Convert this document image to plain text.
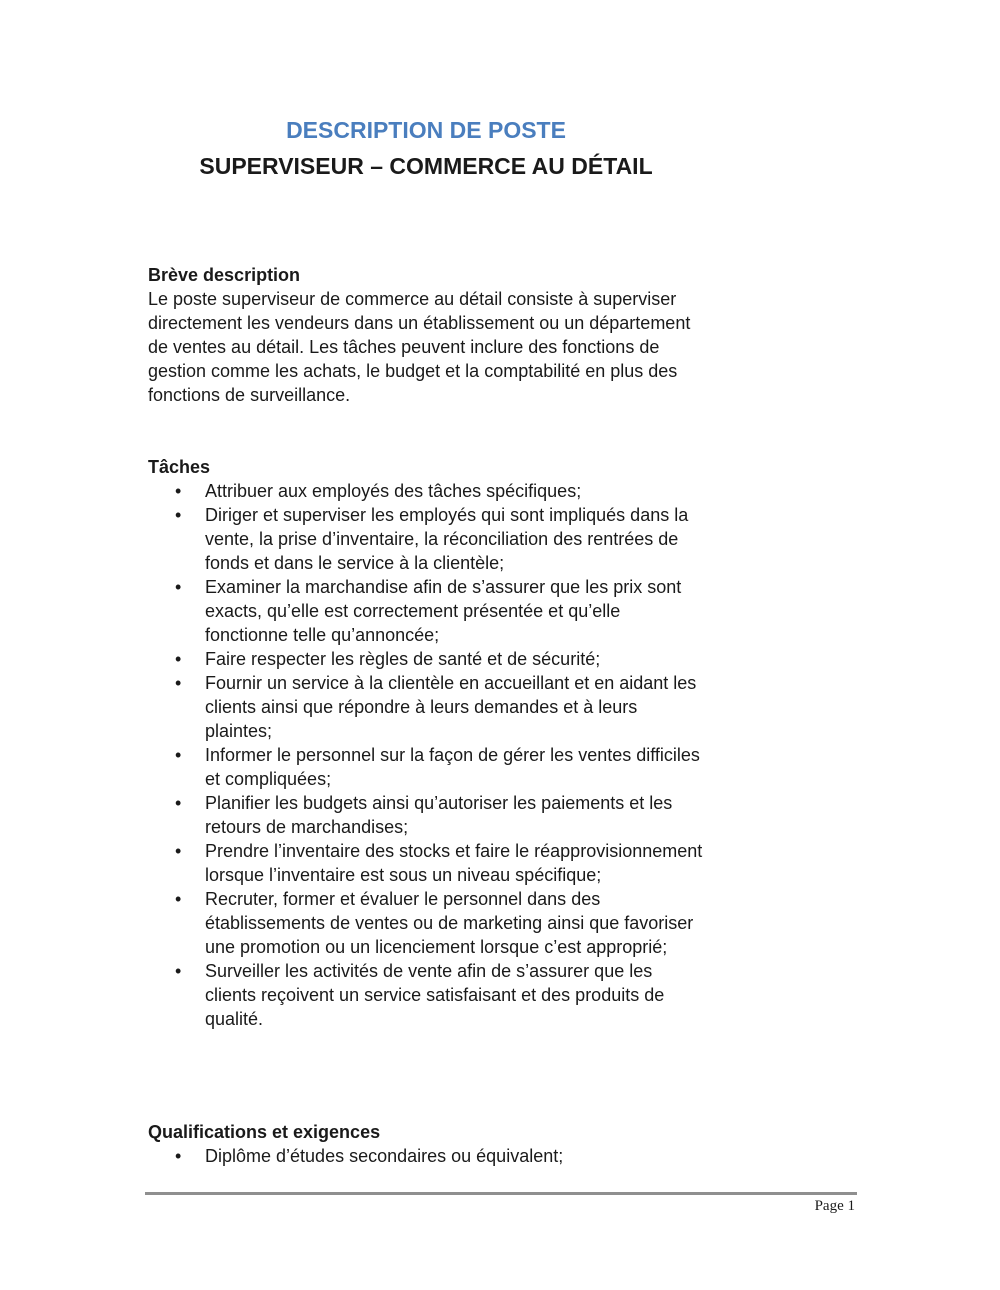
DESCRIPTION DE POSTE
SUPERVISEUR – COMMERCE AU DÉTAIL
Brève description

Le poste superviseur de commerce au détail consiste à superviser directement les vendeurs dans un établissement ou un département de ventes au détail. Les tâches peuvent inclure des fonctions de gestion comme les achats, le budget et la comptabilité en plus des fonctions de surveillance.

Tâches
• Attribuer aux employés des tâches spécifiques;
• Diriger et superviser les employés qui sont impliqués dans la vente, la prise d’inventaire, la réconciliation des rentrées de fonds et dans le service à la clientèle;
• Examiner la marchandise afin de s’assurer que les prix sont exacts, qu’elle est correctement présentée et qu’elle fonctionne telle qu’annoncée;
• Faire respecter les règles de santé et de sécurité;
• Fournir un service à la clientèle en accueillant et en aidant les clients ainsi que répondre à leurs demandes et à leurs plaintes;
• Informer le personnel sur la façon de gérer les ventes difficiles et compliquées;
• Planifier les budgets ainsi qu’autoriser les paiements et les retours de marchandises;
• Prendre l’inventaire des stocks et faire le réapprovisionnement lorsque l’inventaire est sous un niveau spécifique;
• Recruter, former et évaluer le personnel dans des établissements de ventes ou de marketing ainsi que favoriser une promotion ou un licenciement lorsque c’est approprié;
• Surveiller les activités de vente afin de s’assurer que les clients reçoivent un service satisfaisant et des produits de qualité.
Qualifications et exigences
• Diplôme d’études secondaires ou équivalent;
Page 1
